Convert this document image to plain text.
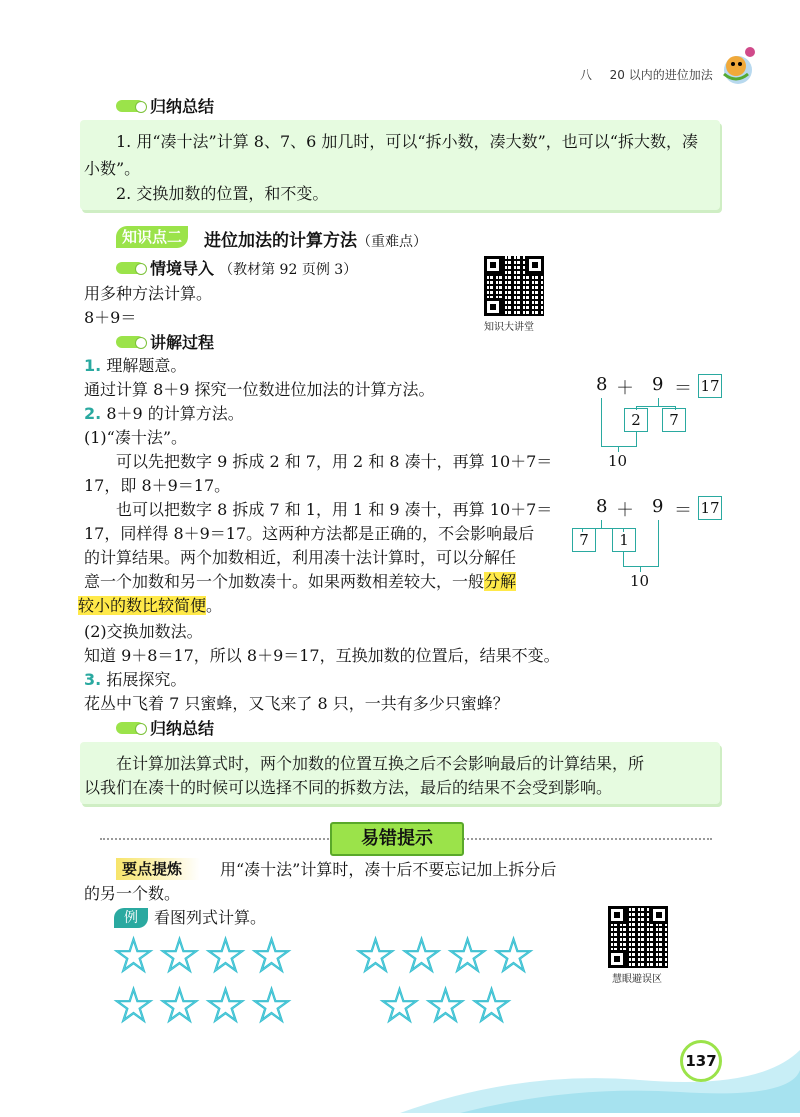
八 20 以内的进位加法
归纳总结
1. 用“凑十法”计算 8、7、6 加几时，可以“拆小数，凑大数”，也可以“拆大数，凑
小数”。
2. 交换加数的位置，和不变。
知识点二	进位加法的计算方法（重难点）
情境导入 （教材第 92 页例 3）
用多种方法计算。
8＋9＝
知识大讲堂
讲解过程
1. 理解题意。
通过计算 8＋9 探究一位数进位加法的计算方法。
2. 8＋9 的计算方法。
(1)“凑十法”。
可以先把数字 9 拆成 2 和 7，用 2 和 8 凑十，再算 10＋7＝
17，即 8＋9＝17。
也可以把数字 8 拆成 7 和 1，用 1 和 9 凑十，再算 10＋7＝
17，同样得 8＋9＝17。这两种方法都是正确的，不会影响最后
的计算结果。两个加数相近，利用凑十法计算时，可以分解任
意一个加数和另一个加数凑十。如果两数相差较大，一般分解
较小的数比较简便。
(2)交换加数法。
知道 9＋8＝17，所以 8＋9＝17，互换加数的位置后，结果不变。
3. 拓展探究。
花丛中飞着 7 只蜜蜂，又飞来了 8 只，一共有多少只蜜蜂？
8 ＋ 9 ＝ 17
2	7
10
8 ＋ 9 ＝ 17
7	1
10
归纳总结
在计算加法算式时，两个加数的位置互换之后不会影响最后的计算结果，所
以我们在凑十的时候可以选择不同的拆数方法，最后的结果不会受到影响。
易错提示
要点提炼	用“凑十法”计算时，凑十后不要忘记加上拆分后
的另一个数。
例	看图列式计算。
慧眼避误区
☆ ☆ ☆ ☆
☆ ☆ ☆ ☆
☆ ☆ ☆ ☆
☆ ☆ ☆
137
